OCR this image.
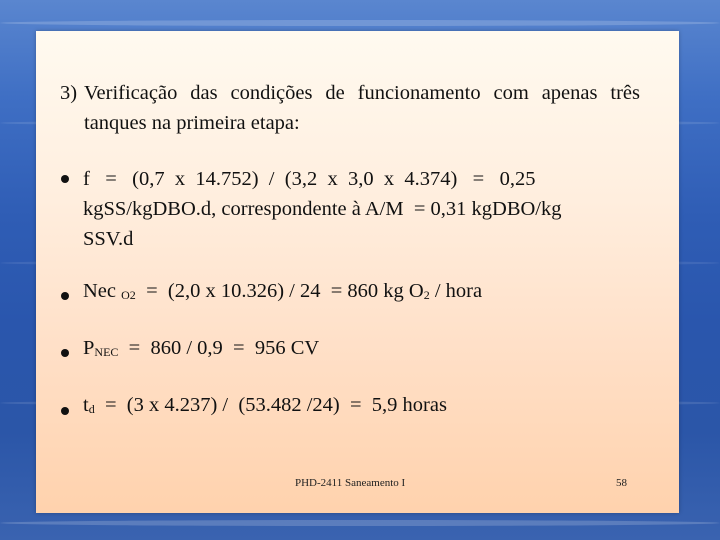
3) Verificação das condições de funcionamento com apenas três tanques na primeira etapa:
f   =   (0,7  x  14.752)  /  (3,2  x  3,0  x  4.374)   =   0,25
kgSS/kgDBO.d, correspondente à A/M  = 0,31 kgDBO/kg
SSV.d
Nec $_{O2}$  =  (2,0 x 10.326) / 24  = 860 kg $O_2$ / hora
$P_{NEC} = 860 / 0,9 = 956$ CV
$t_d = (3$ x 4.237) /  (53.482 /24)  =  5,9 horas
PHD-2411 Saneamento I	58
